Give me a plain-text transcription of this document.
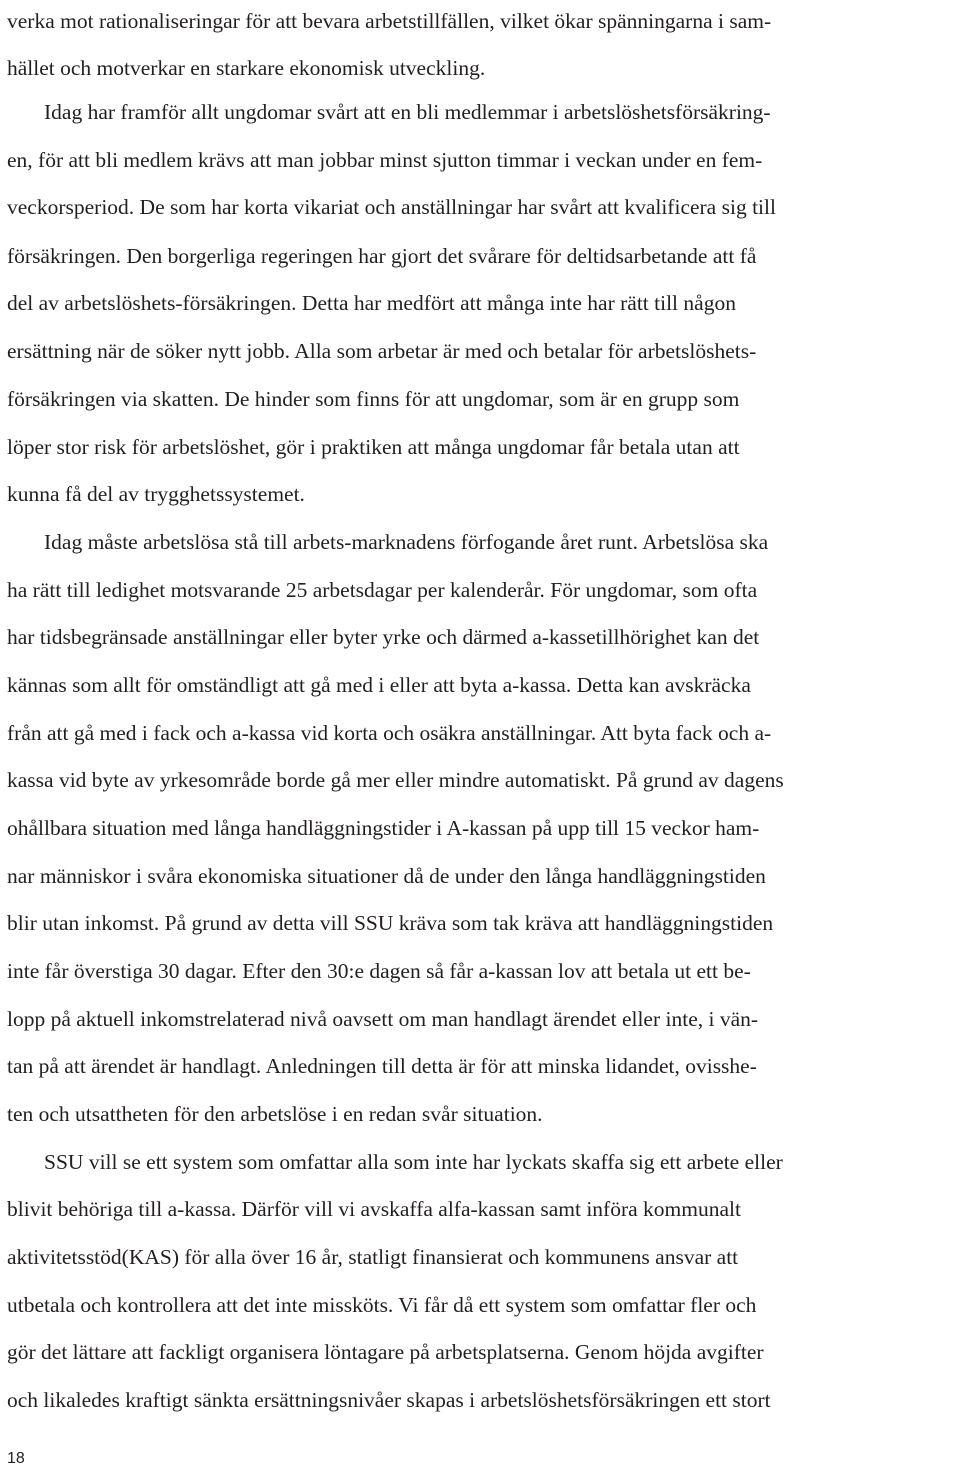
verka mot rationaliseringar för att bevara arbetstillfällen, vilket ökar spänningarna i sam-
hället och motverkar en starkare ekonomisk utveckling.
Idag har framför allt ungdomar svårt att en bli medlemmar i arbetslöshetsförsäkring-
en, för att bli medlem krävs att man jobbar minst sjutton timmar i veckan under en fem-
veckorsperiod. De som har korta vikariat och anställningar har svårt att kvalificera sig till
försäkringen. Den borgerliga regeringen har gjort det svårare för deltidsarbetande att få
del av arbetslöshets-försäkringen. Detta har medfört att många inte har rätt till någon
ersättning när de söker nytt jobb. Alla som arbetar är med och betalar för arbetslöshets-
försäkringen via skatten. De hinder som finns för att ungdomar, som är en grupp som
löper stor risk för arbetslöshet, gör i praktiken att många ungdomar får betala utan att
kunna få del av trygghetssystemet.
Idag måste arbetslösa stå till arbets-marknadens förfogande året runt. Arbetslösa ska
ha rätt till ledighet motsvarande 25 arbetsdagar per kalenderår. För ungdomar, som ofta
har tidsbegränsade anställningar eller byter yrke och därmed a-kassetillhörighet kan det
kännas som allt för omständligt att gå med i eller att byta a-kassa. Detta kan avskräcka
från att gå med i fack och a-kassa vid korta och osäkra anställningar. Att byta fack och a-
kassa vid byte av yrkesområde borde gå mer eller mindre automatiskt. På grund av dagens
ohållbara situation med långa handläggningstider i A-kassan på upp till 15 veckor ham-
nar människor i svåra ekonomiska situationer då de under den långa handläggningstiden
blir utan inkomst. På grund av detta vill SSU kräva som tak kräva att handläggningstiden
inte får överstiga 30 dagar. Efter den 30:e dagen så får a-kassan lov att betala ut ett be-
lopp på aktuell inkomstrelaterad nivå oavsett om man handlagt ärendet eller inte, i vän-
tan på att ärendet är handlagt. Anledningen till detta är för att minska lidandet, ovisshe-
ten och utsattheten för den arbetslöse i en redan svår situation.
SSU vill se ett system som omfattar alla som inte har lyckats skaffa sig ett arbete eller
blivit behöriga till a-kassa. Därför vill vi avskaffa alfa-kassan samt införa kommunalt
aktivitetsstöd(KAS) för alla över 16 år, statligt finansierat och kommunens ansvar att
utbetala och kontrollera att det inte missköts. Vi får då ett system som omfattar fler och
gör det lättare att fackligt organisera löntagare på arbetsplatserna. Genom höjda avgifter
och likaledes kraftigt sänkta ersättningsnivåer skapas i arbetslöshetsförsäkringen ett stort
18
